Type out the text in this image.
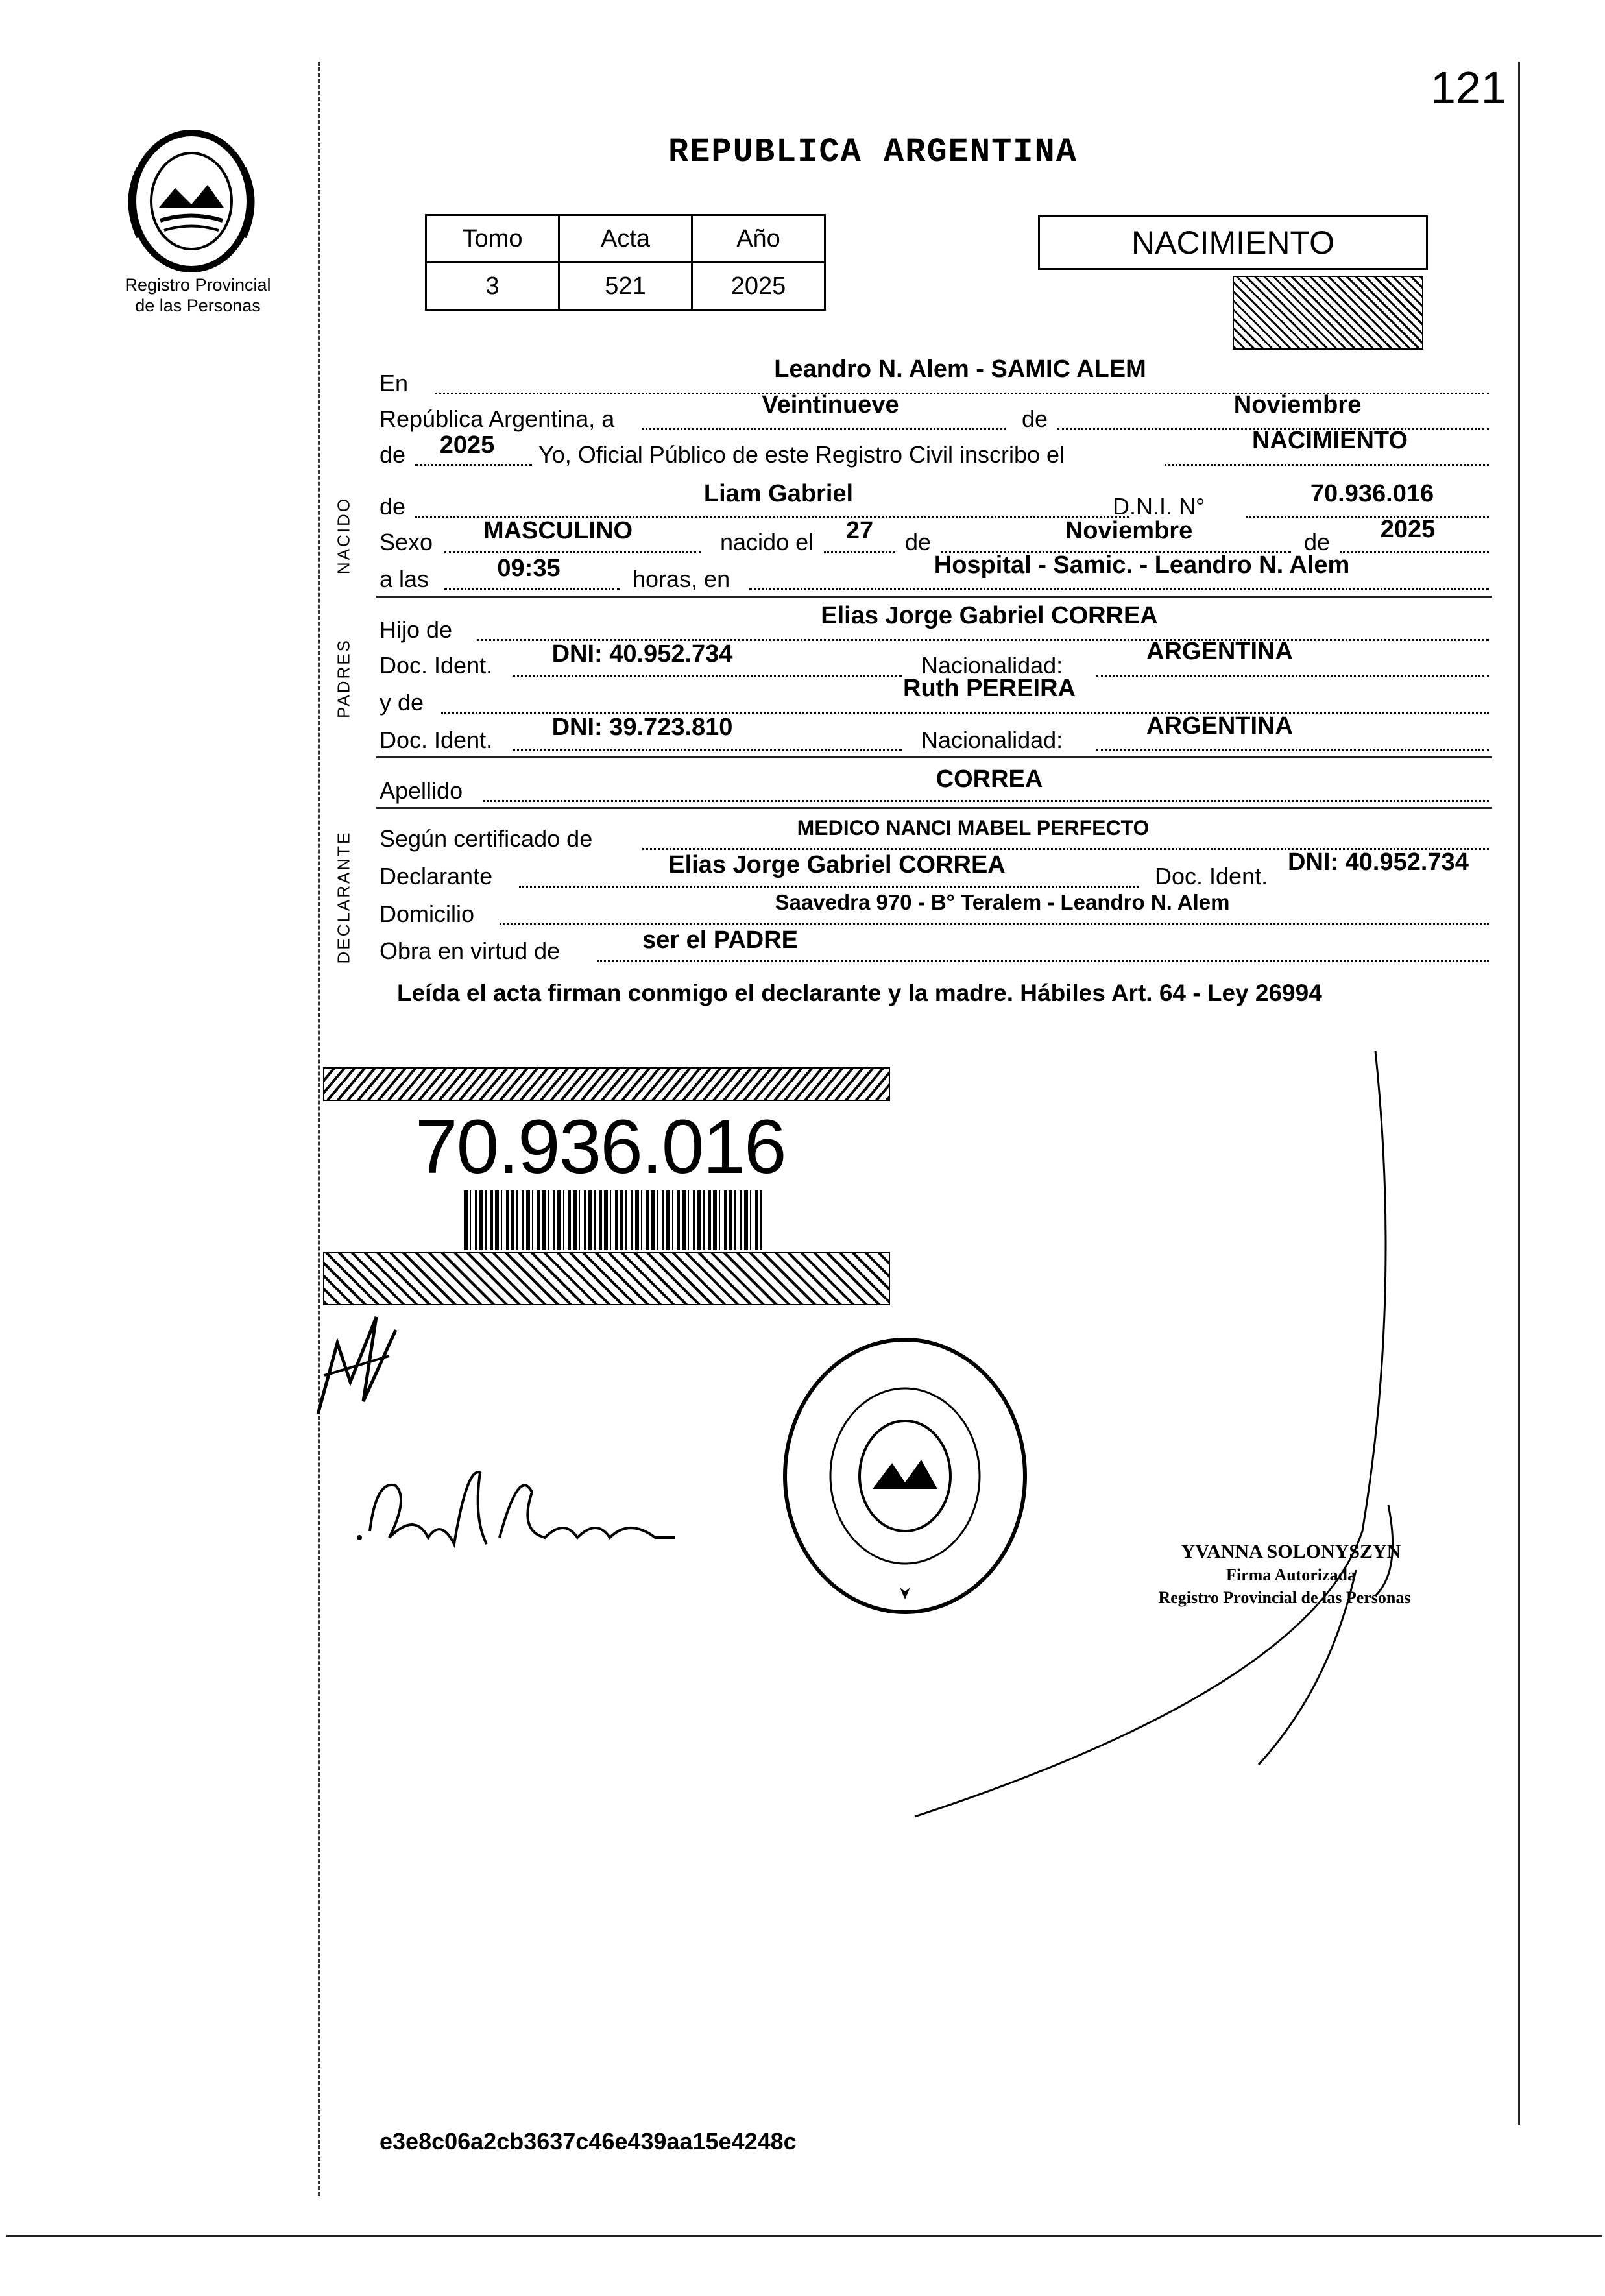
121
Registro Provincial
de las Personas
REPUBLICA ARGENTINA
Tomo	Acta	Año
3	521	2025
NACIMIENTO
En
Leandro N. Alem - SAMIC ALEM
República Argentina, a
Veintinueve
de
Noviembre
de	2025	Yo, Oficial Público de este Registro Civil inscribo el
NACIMIENTO
NACIDO de	Liam Gabriel	D.N.I. N°	70.936.016
Sexo	MASCULINO	nacido el	27	de	Noviembre	de	2025
a las	09:35	horas, en
Hospital - Samic. - Leandro N. Alem
PADRES
Hijo de
Elias Jorge Gabriel CORREA
Doc. Ident.	DNI: 40.952.734	Nacionalidad:
ARGENTINA
y de
Ruth PEREIRA
Doc. Ident.	DNI: 39.723.810	Nacionalidad:
ARGENTINA
Apellido	CORREA
DECLARANTE Según certificado de	MEDICO NANCI MABEL PERFECTO
Declarante	Elias Jorge Gabriel CORREA	Doc. Ident.
DNI: 40.952.734
Domicilio	Saavedra 970 - B° Teralem - Leandro N. Alem
Obra en virtud de	ser el PADRE
Leída el acta firman conmigo el declarante y la madre. Hábiles Art. 64 - Ley 26994
70.936.016
YVANNA SOLONYSZYN
Firma Autorizada
Registro Provincial de las Personas
e3e8c06a2cb3637c46e439aa15e4248c
